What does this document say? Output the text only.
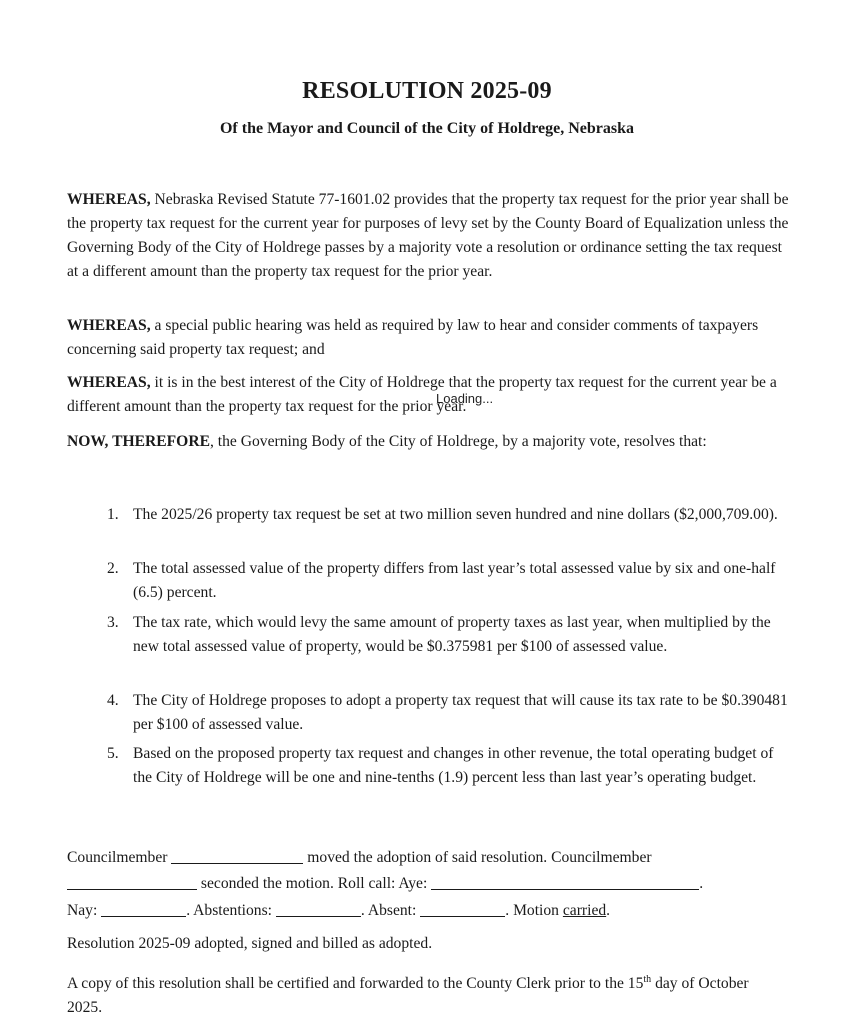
RESOLUTION 2025-09
Of the Mayor and Council of the City of Holdrege, Nebraska
WHEREAS, Nebraska Revised Statute 77-1601.02 provides that the property tax request for the prior year shall be the property tax request for the current year for purposes of levy set by the County Board of Equalization unless the Governing Body of the City of Holdrege passes by a majority vote a resolution or ordinance setting the tax request at a different amount than the property tax request for the prior year.
WHEREAS, a special public hearing was held as required by law to hear and consider comments of taxpayers concerning said property tax request; and
WHEREAS, it is in the best interest of the City of Holdrege that the property tax request for the current year be a different amount than the property tax request for the prior year.
Loading...
NOW, THEREFORE, the Governing Body of the City of Holdrege, by a majority vote, resolves that:
1. The 2025/26 property tax request be set at two million seven hundred and nine dollars ($2,000,709.00).
2. The total assessed value of the property differs from last year’s total assessed value by six and one-half (6.5) percent.
3. The tax rate, which would levy the same amount of property taxes as last year, when multiplied by the new total assessed value of property, would be $0.375981 per $100 of assessed value.
4. The City of Holdrege proposes to adopt a property tax request that will cause its tax rate to be $0.390481 per $100 of assessed value.
5. Based on the proposed property tax request and changes in other revenue, the total operating budget of the City of Holdrege will be one and nine-tenths (1.9) percent less than last year’s operating budget.
Councilmember	moved the adoption of said resolution. Councilmember
seconded the motion. Roll call: Aye:	.
Nay:	. Abstentions:	. Absent:	. Motion carried.
Resolution 2025-09 adopted, signed and billed as adopted.
A copy of this resolution shall be certified and forwarded to the County Clerk prior to the 15th day of October 2025.
